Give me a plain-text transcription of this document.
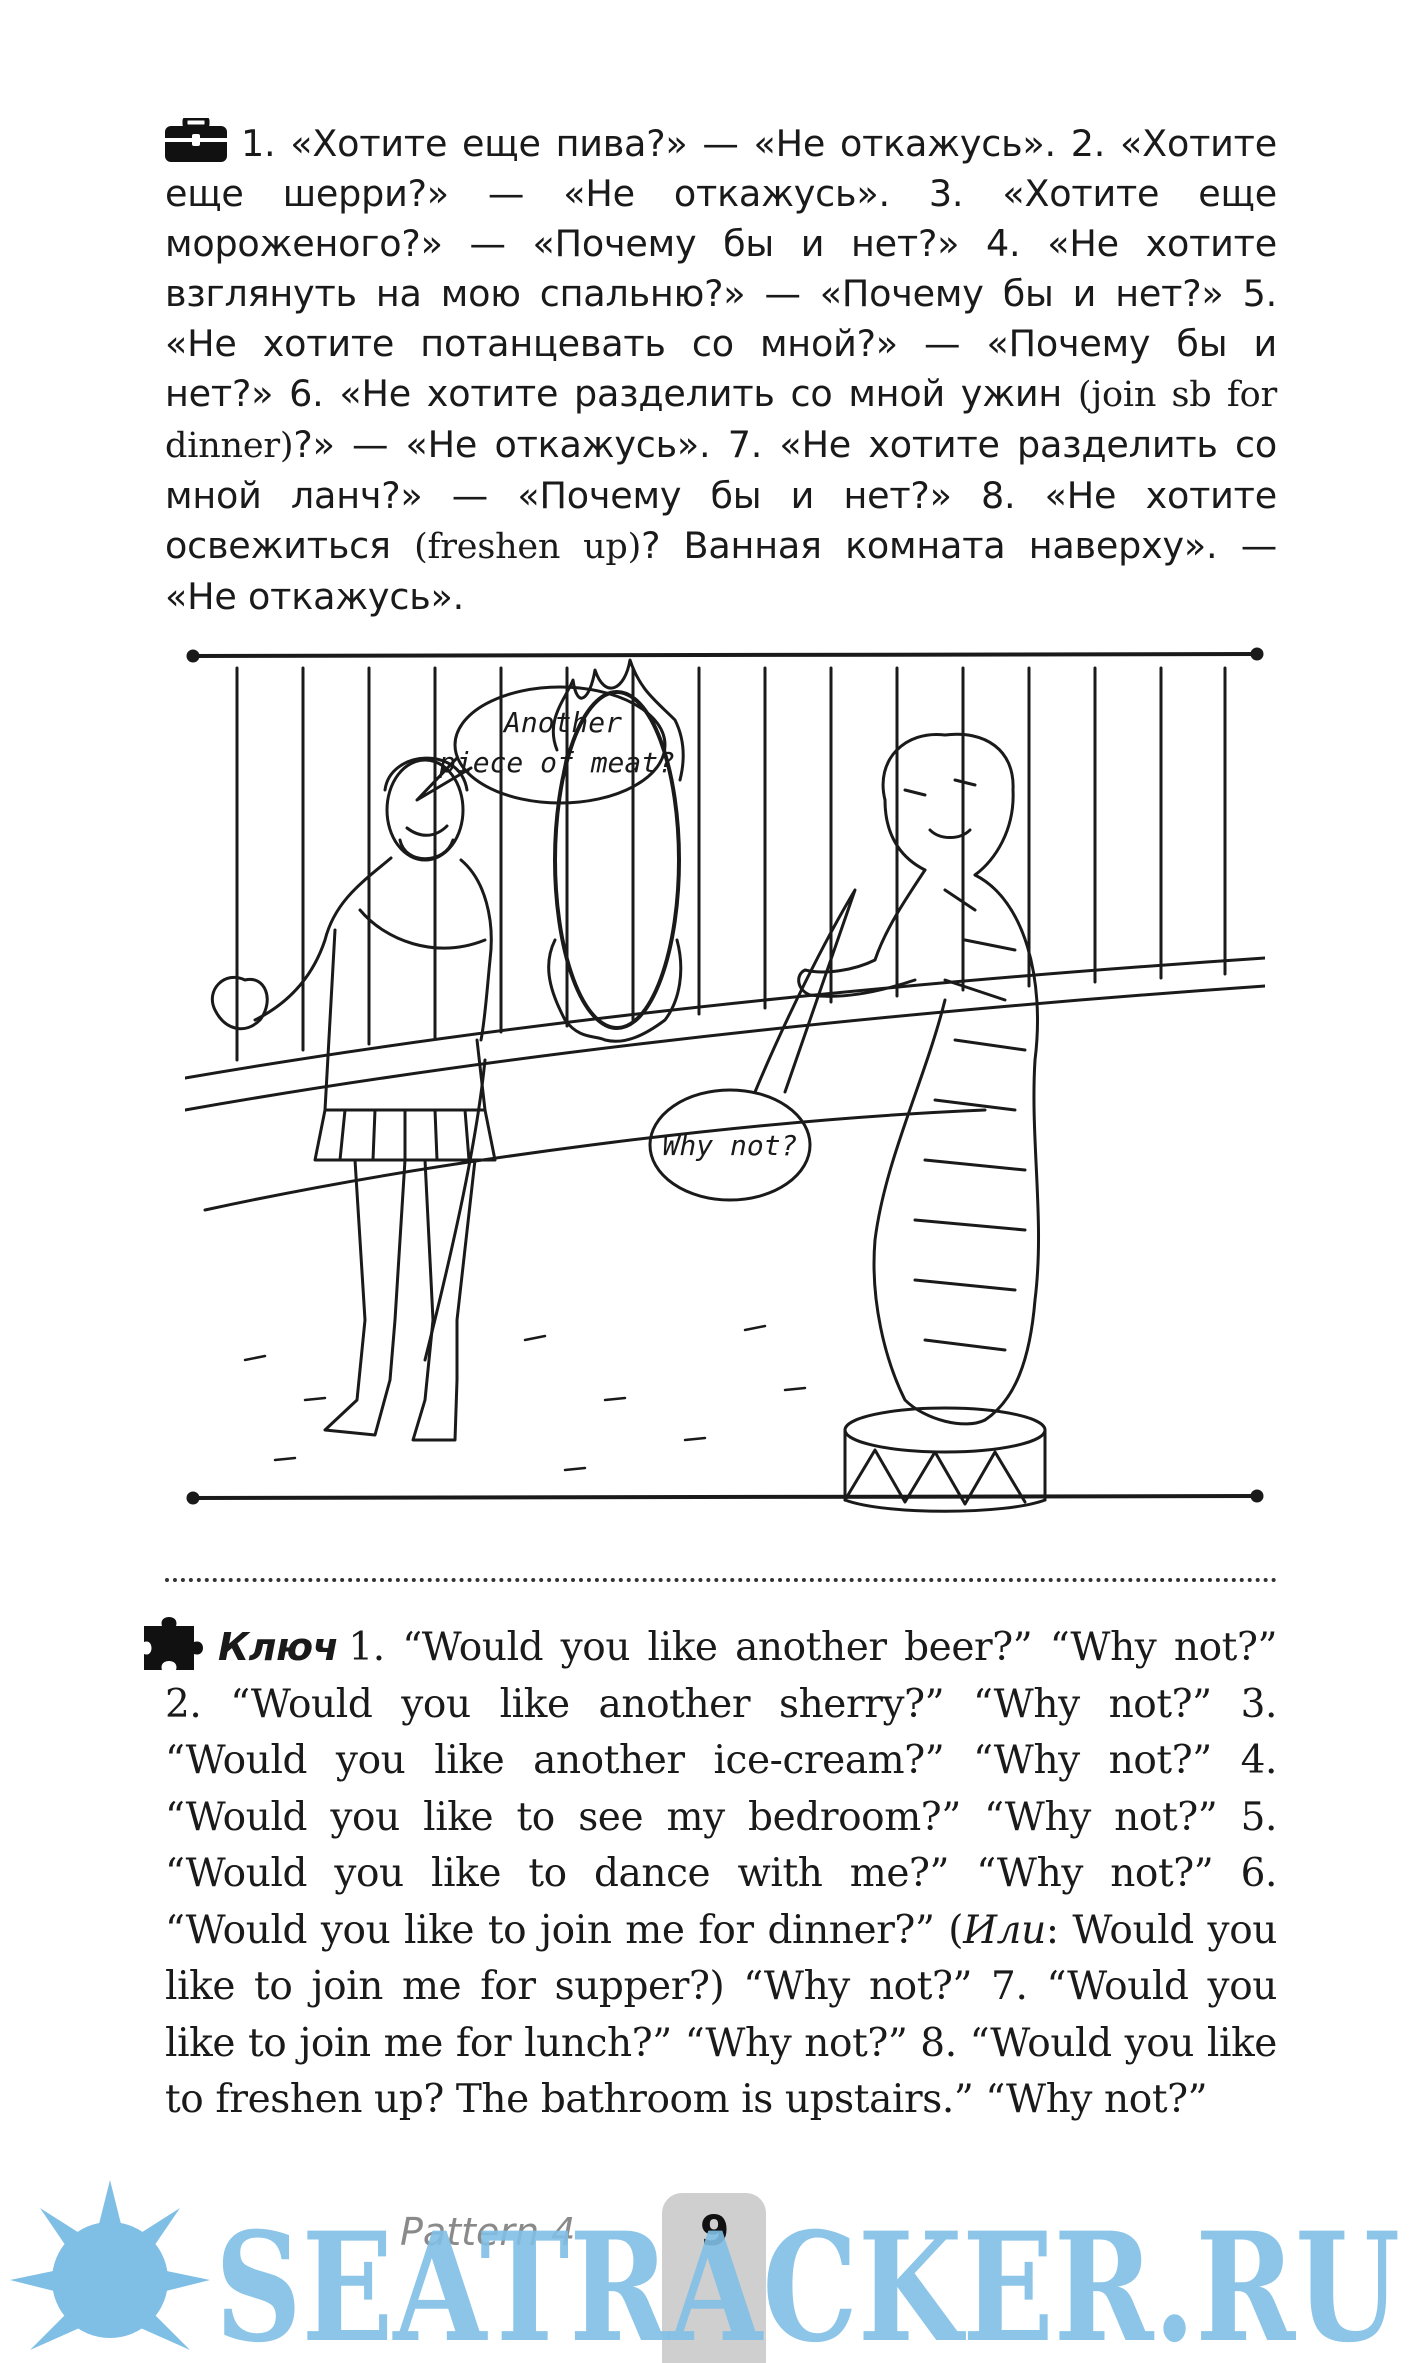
1. «Хотите еще пива?» — «Не откажусь». 2. «Хотите еще шерри?» — «Не откажусь». 3. «Хотите еще мороженого?» — «Почему бы и нет?» 4. «Не хотите взглянуть на мою спальню?» — «Почему бы и нет?» 5. «Не хотите потанцевать со мной?» — «Почему бы и нет?» 6. «Не хотите разделить со мной ужин (join sb for dinner)?» — «Не откажусь». 7. «Не хотите разделить со мной ланч?» — «Почему бы и нет?» 8. «Не хотите освежиться (freshen up)? Ванная комната наверху». — «Не откажусь».
Another
piece of meat?
Why not?
Ключ 1. “Would you like another beer?” “Why not?” 2. “Would you like another sherry?” “Why not?” 3. “Would you like another ice-cream?” “Why not?” 4. “Would you like to see my bedroom?” “Why not?” 5. “Would you like to dance with me?” “Why not?” 6. “Would you like to join me for dinner?” (Или: Would you like to join me for supper?) “Why not?” 7. “Would you like to join me for lunch?” “Why not?” 8. “Would you like to freshen up? The bathroom is upstairs.” “Why not?”
Pattern 4	9
SEATRACKER.RU
